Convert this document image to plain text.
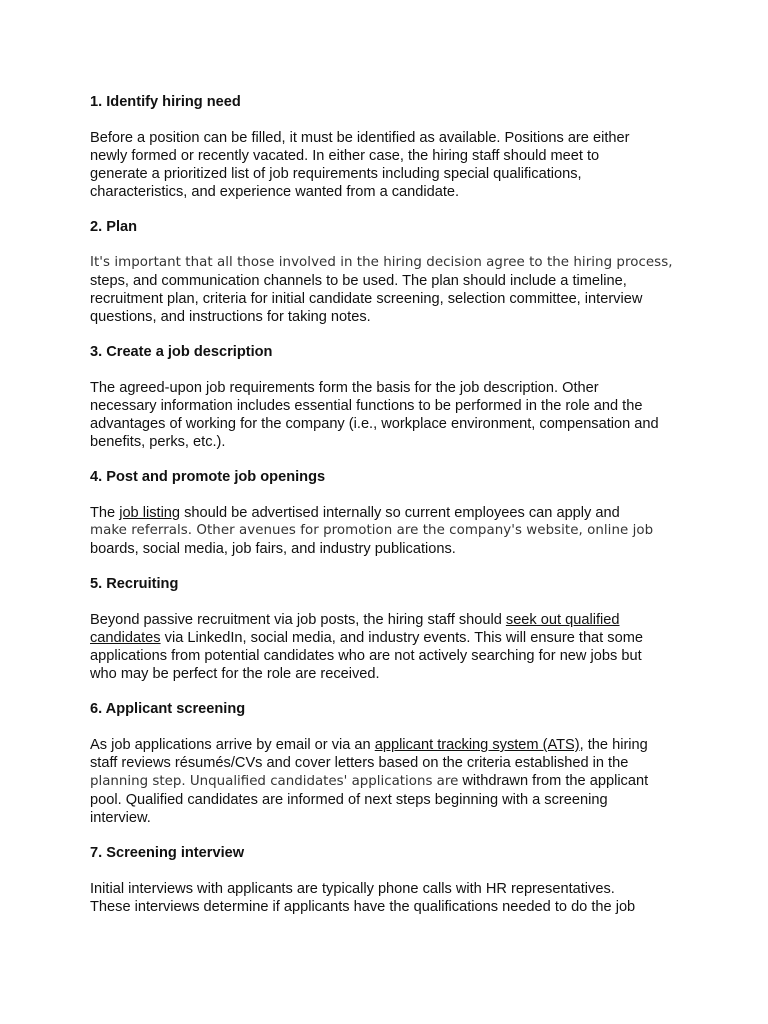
1. Identify hiring need
Before a position can be filled, it must be identified as available. Positions are either
newly formed or recently vacated. In either case, the hiring staff should meet to
generate a prioritized list of job requirements including special qualifications,
characteristics, and experience wanted from a candidate.
2. Plan
It's important that all those involved in the hiring decision agree to the hiring process,
steps, and communication channels to be used. The plan should include a timeline,
recruitment plan, criteria for initial candidate screening, selection committee, interview
questions, and instructions for taking notes.
3. Create a job description
The agreed-upon job requirements form the basis for the job description. Other
necessary information includes essential functions to be performed in the role and the
advantages of working for the company (i.e., workplace environment, compensation and
benefits, perks, etc.).
4. Post and promote job openings
The job listing should be advertised internally so current employees can apply and
make referrals. Other avenues for promotion are the company's website, online job
boards, social media, job fairs, and industry publications.
5. Recruiting
Beyond passive recruitment via job posts, the hiring staff should seek out qualified
candidates via LinkedIn, social media, and industry events. This will ensure that some
applications from potential candidates who are not actively searching for new jobs but
who may be perfect for the role are received.
6. Applicant screening
As job applications arrive by email or via an applicant tracking system (ATS), the hiring
staff reviews résumés/CVs and cover letters based on the criteria established in the
planning step. Unqualified candidates' applications are withdrawn from the applicant
pool. Qualified candidates are informed of next steps beginning with a screening
interview.
7. Screening interview
Initial interviews with applicants are typically phone calls with HR representatives.
These interviews determine if applicants have the qualifications needed to do the job
